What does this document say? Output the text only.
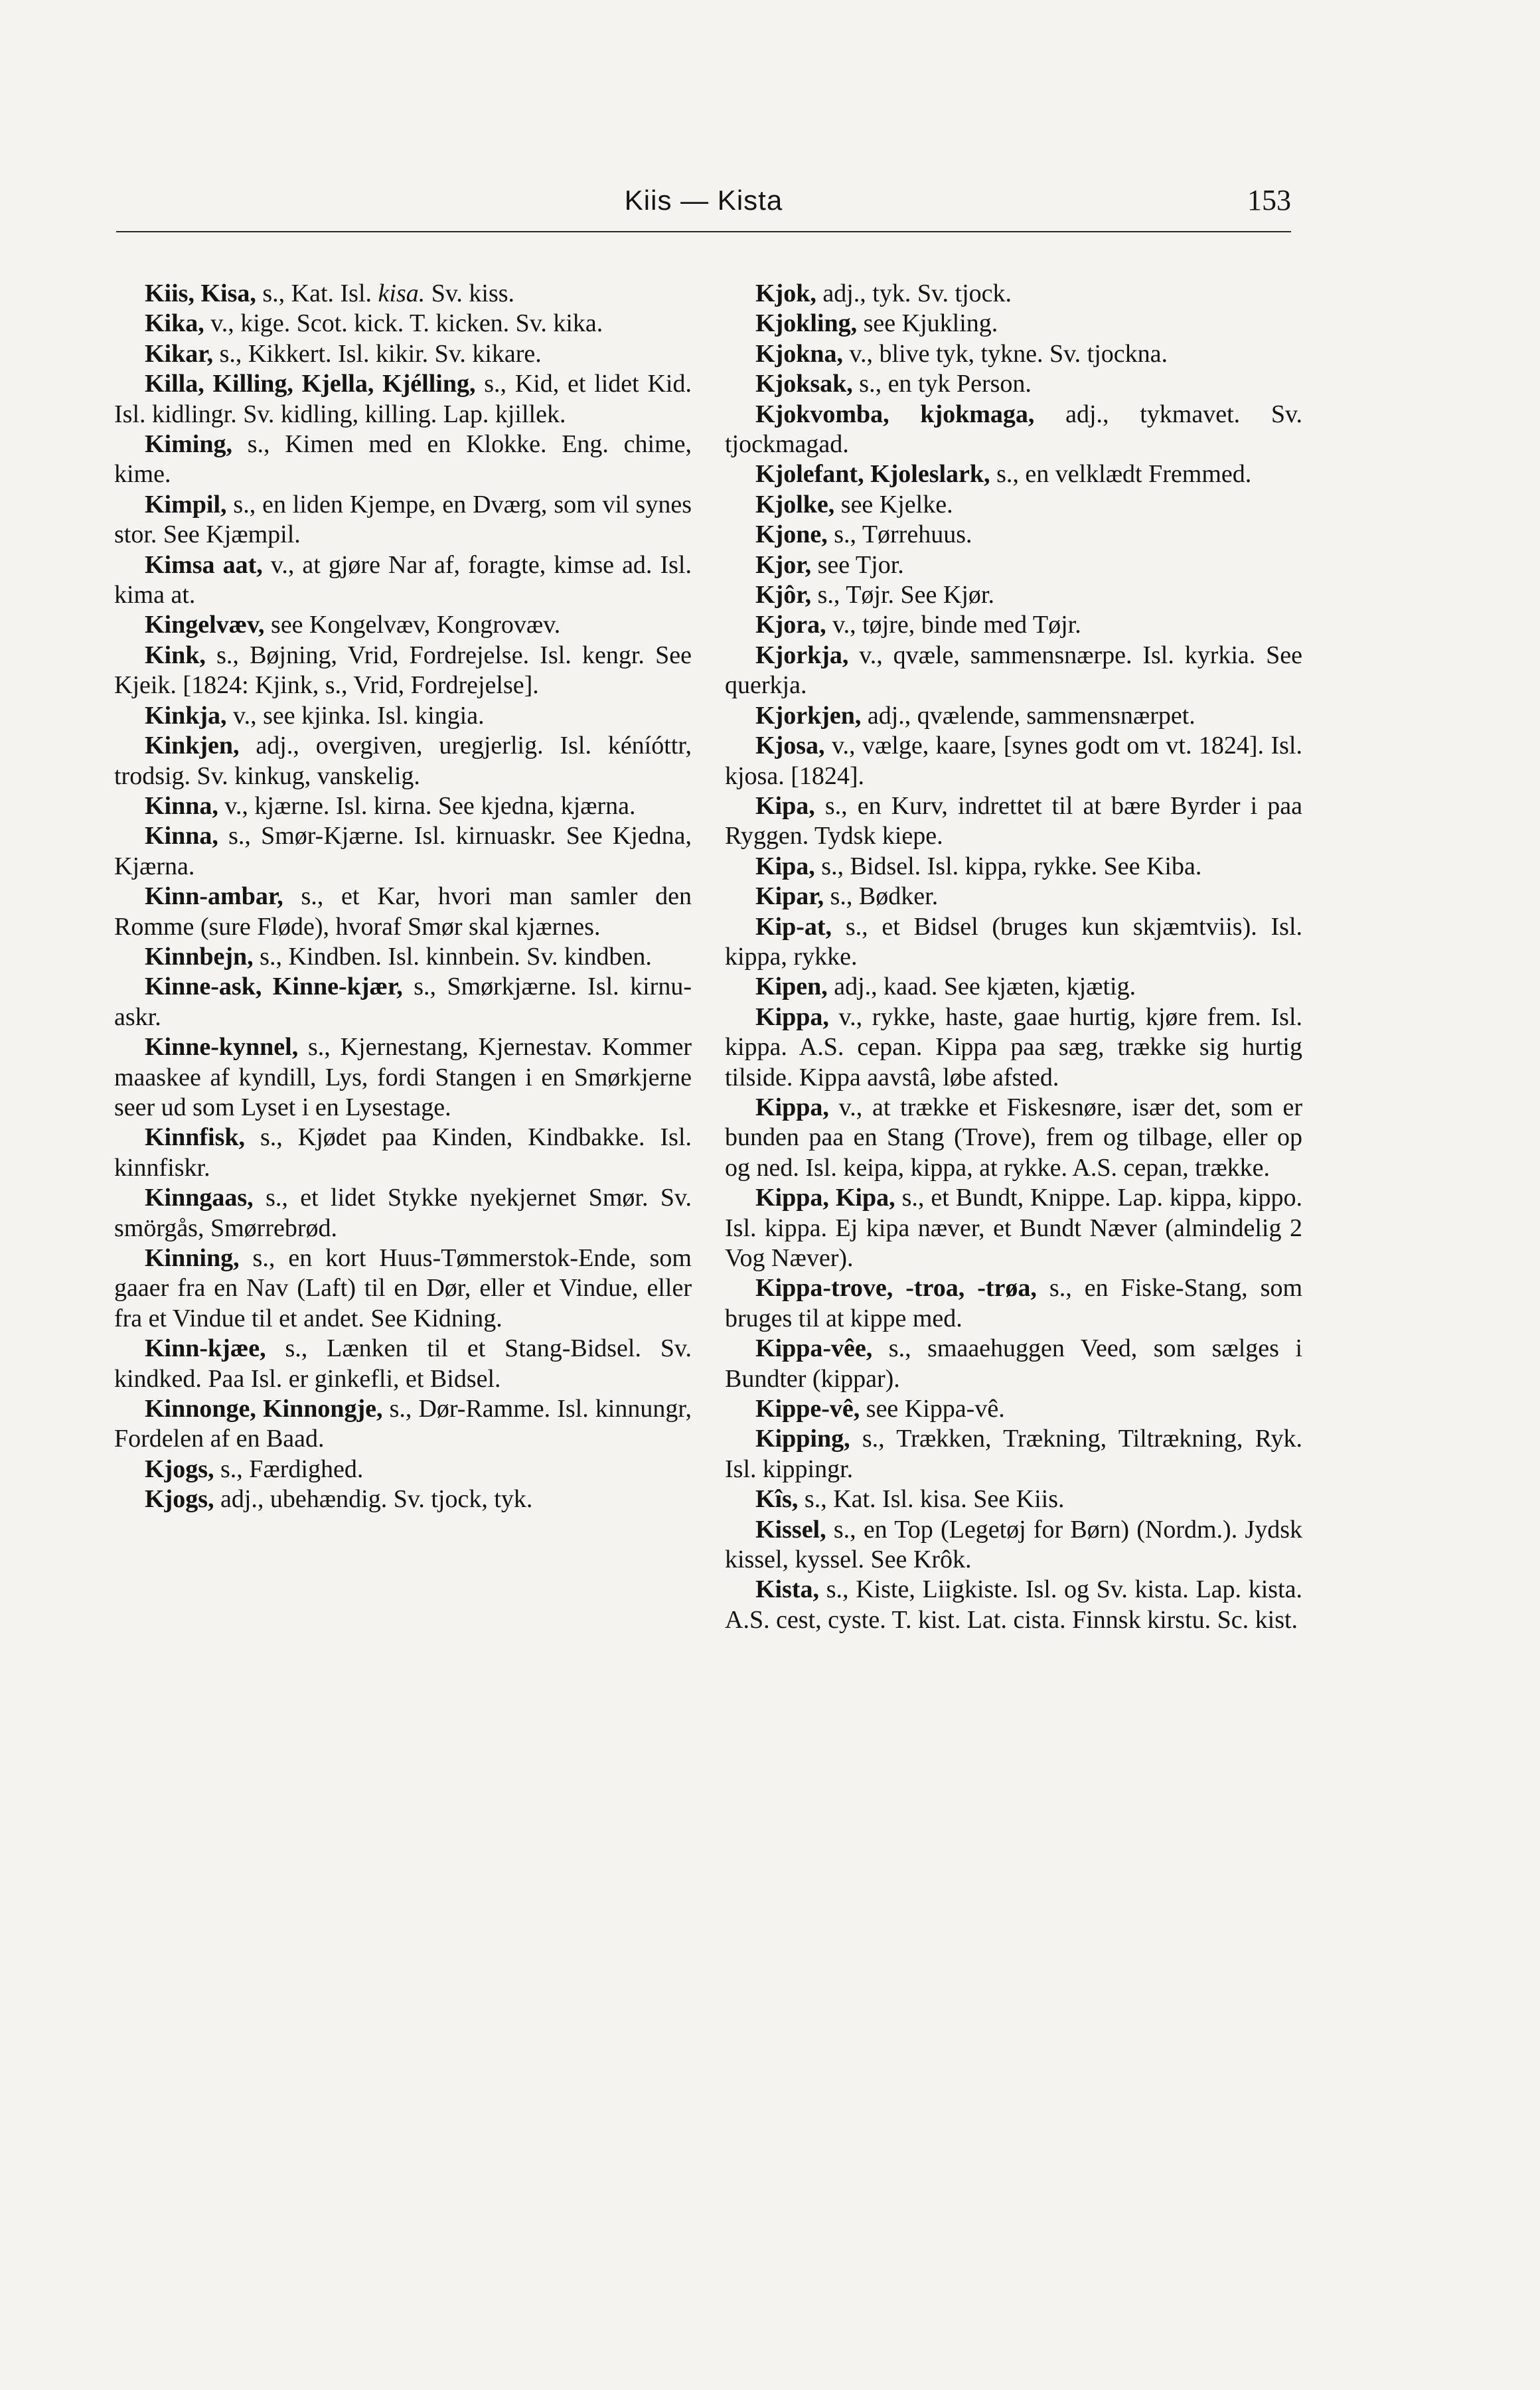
Kiis — Kista	153

Kiis, Kisa, s., Kat. Isl. kisa. Sv. kiss.

Kika, v., kige. Scot. kick. T. kicken. Sv. kika.

Kikar, s., Kikkert. Isl. kikir. Sv. kikare.

Killa, Killing, Kjella, Kjélling, s., Kid, et lidet Kid. Isl. kidlingr. Sv. kidling, killing. Lap. kjillek.

Kiming, s., Kimen med en Klokke. Eng. chime, kime.

Kimpil, s., en liden Kjempe, en Dværg, som vil synes stor. See Kjæmpil.

Kimsa aat, v., at gjøre Nar af, foragte, kimse ad. Isl. kima at.

Kingelvæv, see Kongelvæv, Kongrovæv.

Kink, s., Bøjning, Vrid, Fordrejelse. Isl. kengr. See Kjeik. [1824: Kjink, s., Vrid, Fordrejelse].

Kinkja, v., see kjinka. Isl. kingia.

Kinkjen, adj., overgiven, uregjerlig. Isl. kéníóttr, trodsig. Sv. kinkug, vanskelig.

Kinna, v., kjærne. Isl. kirna. See kjedna, kjærna.

Kinna, s., Smør-Kjærne. Isl. kirnuaskr. See Kjedna, Kjærna.

Kinn-ambar, s., et Kar, hvori man samler den Romme (sure Fløde), hvoraf Smør skal kjærnes.

Kinnbejn, s., Kindben. Isl. kinnbein. Sv. kindben.

Kinne-ask, Kinne-kjær, s., Smørkjærne. Isl. kirnu-askr.

Kinne-kynnel, s., Kjernestang, Kjernestav. Kommer maaskee af kyndill, Lys, fordi Stangen i en Smørkjerne seer ud som Lyset i en Lysestage.

Kinnfisk, s., Kjødet paa Kinden, Kindbakke. Isl. kinnfiskr.

Kinngaas, s., et lidet Stykke nyekjernet Smør. Sv. smörgås, Smørrebrød.

Kinning, s., en kort Huus-Tømmerstok-Ende, som gaaer fra en Nav (Laft) til en Dør, eller et Vindue, eller fra et Vindue til et andet. See Kidning.

Kinn-kjæe, s., Lænken til et Stang-Bidsel. Sv. kindked. Paa Isl. er ginkefli, et Bidsel.

Kinnonge, Kinnongje, s., Dør-Ramme. Isl. kinnungr, Fordelen af en Baad.

Kjogs, s., Færdighed.

Kjogs, adj., ubehændig. Sv. tjock, tyk.

Kjok, adj., tyk. Sv. tjock.

Kjokling, see Kjukling.

Kjokna, v., blive tyk, tykne. Sv. tjockna.

Kjoksak, s., en tyk Person.

Kjokvomba, kjokmaga, adj., tykmavet. Sv. tjockmagad.

Kjolefant, Kjoleslark, s., en velklædt Fremmed.

Kjolke, see Kjelke.

Kjone, s., Tørrehuus.

Kjor, see Tjor.

Kjôr, s., Tøjr. See Kjør.

Kjora, v., tøjre, binde med Tøjr.

Kjorkja, v., qvæle, sammensnærpe. Isl. kyrkia. See querkja.

Kjorkjen, adj., qvælende, sammensnærpet.

Kjosa, v., vælge, kaare, [synes godt om vt. 1824]. Isl. kjosa. [1824].

Kipa, s., en Kurv, indrettet til at bære Byrder i paa Ryggen. Tydsk kiepe.

Kipa, s., Bidsel. Isl. kippa, rykke. See Kiba.

Kipar, s., Bødker.

Kip-at, s., et Bidsel (bruges kun skjæmtviis). Isl. kippa, rykke.

Kipen, adj., kaad. See kjæten, kjætig.

Kippa, v., rykke, haste, gaae hurtig, kjøre frem. Isl. kippa. A.S. cepan. Kippa paa sæg, trække sig hurtig tilside. Kippa aavstâ, løbe afsted.

Kippa, v., at trække et Fiskesnøre, især det, som er bunden paa en Stang (Trove), frem og tilbage, eller op og ned. Isl. keipa, kippa, at rykke. A.S. cepan, trække.

Kippa, Kipa, s., et Bundt, Knippe. Lap. kippa, kippo. Isl. kippa. Ej kipa næver, et Bundt Næver (almindelig 2 Vog Næver).

Kippa-trove, -troa, -trøa, s., en Fiske-Stang, som bruges til at kippe med.

Kippa-vêe, s., smaaehuggen Veed, som sælges i Bundter (kippar).

Kippe-vê, see Kippa-vê.

Kipping, s., Trækken, Trækning, Tiltrækning, Ryk. Isl. kippingr.

Kîs, s., Kat. Isl. kisa. See Kiis.

Kissel, s., en Top (Legetøj for Børn) (Nordm.). Jydsk kissel, kyssel. See Krôk.

Kista, s., Kiste, Liigkiste. Isl. og Sv. kista. Lap. kista. A.S. cest, cyste. T. kist. Lat. cista. Finnsk kirstu. Sc. kist.
